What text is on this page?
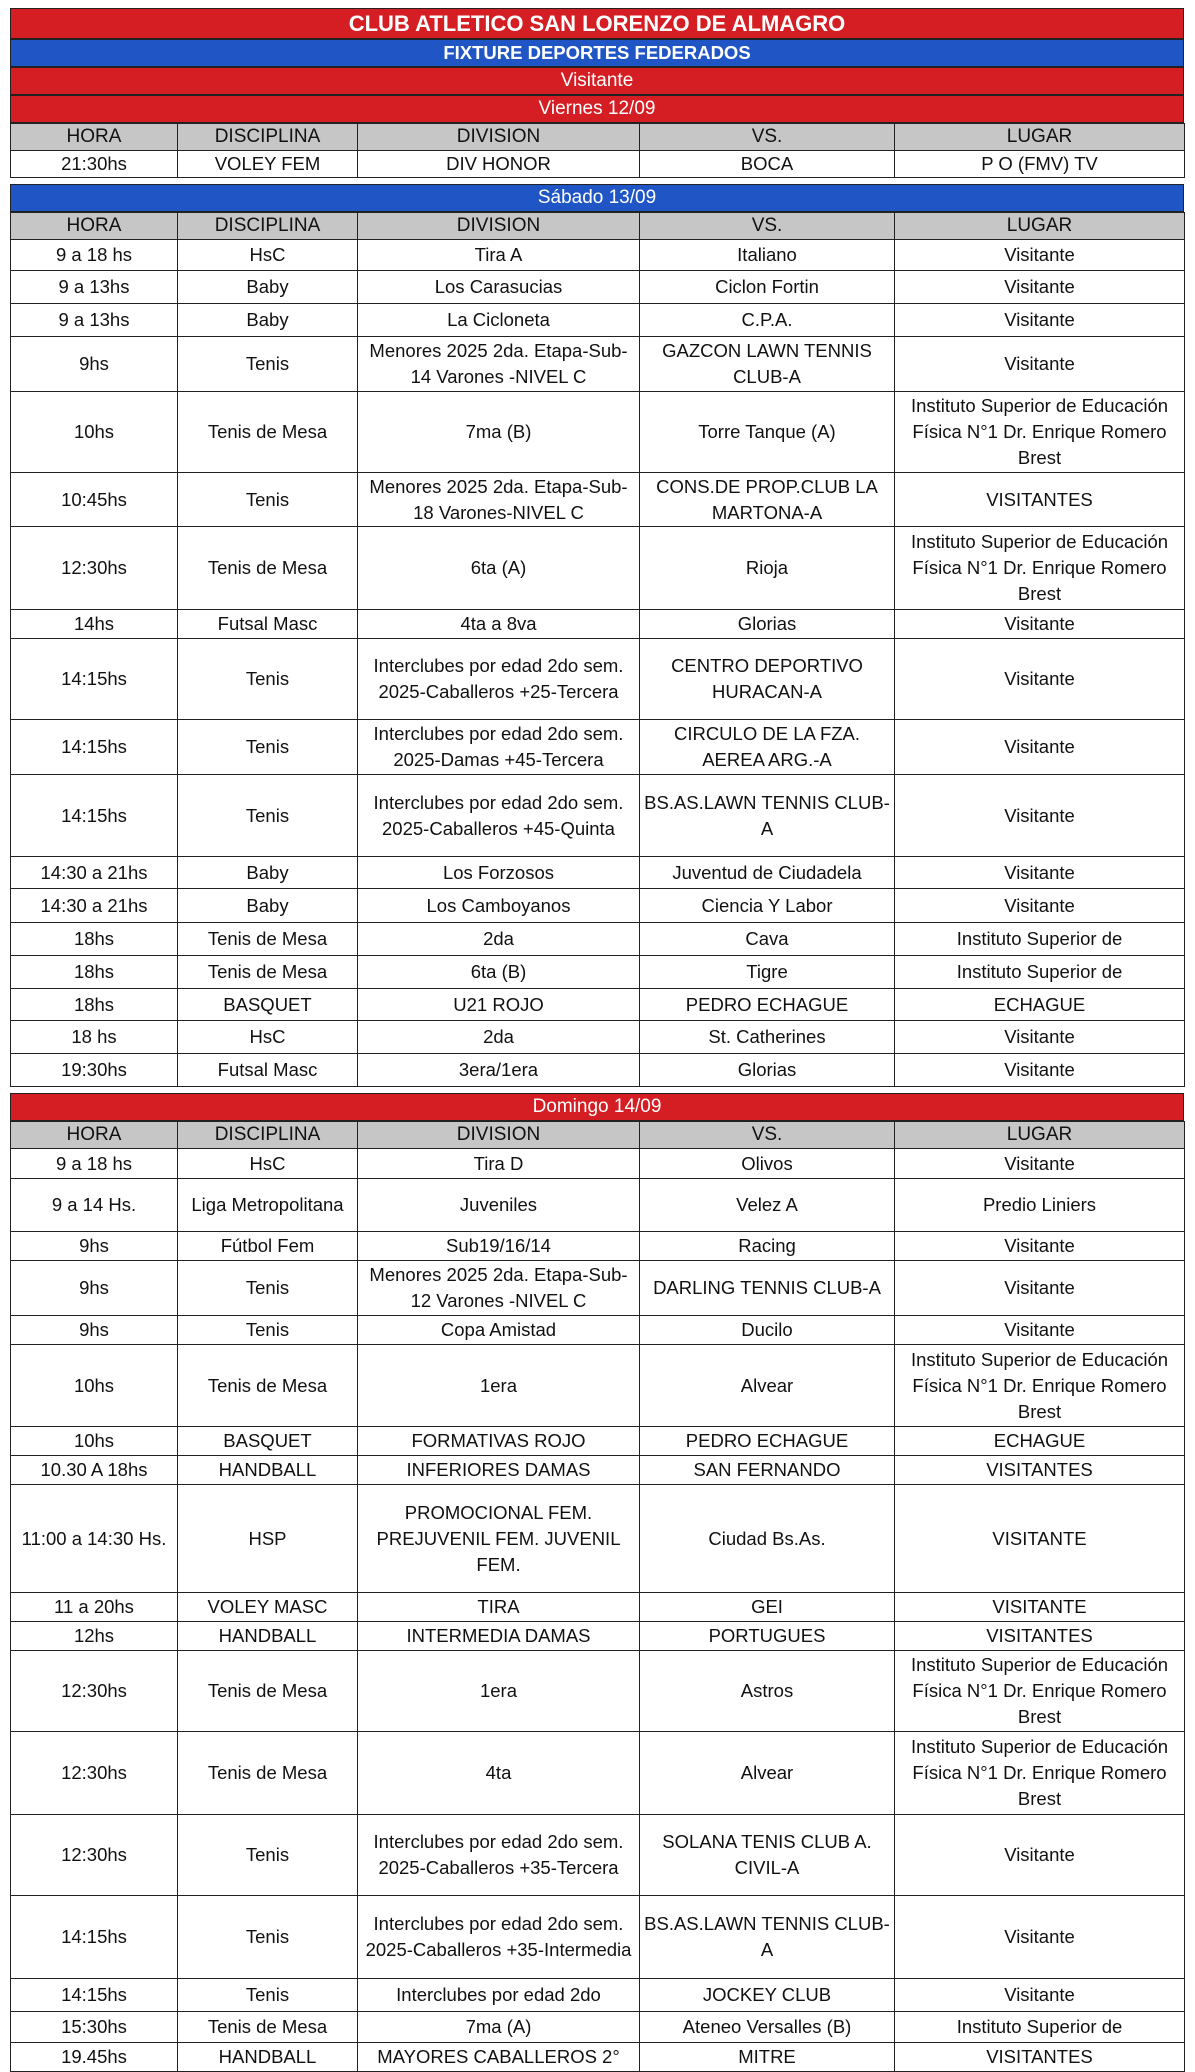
CLUB ATLETICO SAN LORENZO DE ALMAGRO
FIXTURE DEPORTES FEDERADOS
Visitante
Viernes 12/09
HORA	DISCIPLINA	DIVISION	VS.	LUGAR
21:30hs	VOLEY FEM	DIV HONOR	BOCA	P O (FMV) TV
Sábado 13/09
HORA	DISCIPLINA	DIVISION	VS.	LUGAR
9 a 18 hs	HsC	Tira A	Italiano	Visitante
9 a 13hs	Baby	Los Carasucias	Ciclon Fortin	Visitante
9 a 13hs	Baby	La Cicloneta	C.P.A.	Visitante
9hs	Tenis	Menores 2025 2da. Etapa-Sub-14 Varones -NIVEL C	GAZCON LAWN TENNIS CLUB-A	Visitante
10hs	Tenis de Mesa	7ma (B)	Torre Tanque (A)	Instituto Superior de Educación Física N°1 Dr. Enrique Romero Brest
10:45hs	Tenis	Menores 2025 2da. Etapa-Sub-18 Varones-NIVEL C	CONS.DE PROP.CLUB LA MARTONA-A	VISITANTES
12:30hs	Tenis de Mesa	6ta (A)	Rioja	Instituto Superior de Educación Física N°1 Dr. Enrique Romero Brest
14hs	Futsal Masc	4ta a 8va	Glorias	Visitante
14:15hs	Tenis	Interclubes por edad 2do sem. 2025-Caballeros +25-Tercera	CENTRO DEPORTIVO HURACAN-A	Visitante
14:15hs	Tenis	Interclubes por edad 2do sem. 2025-Damas +45-Tercera	CIRCULO DE LA FZA. AEREA ARG.-A	Visitante
14:15hs	Tenis	Interclubes por edad 2do sem. 2025-Caballeros +45-Quinta	BS.AS.LAWN TENNIS CLUB-A	Visitante
14:30 a 21hs	Baby	Los Forzosos	Juventud de Ciudadela	Visitante
14:30 a 21hs	Baby	Los Camboyanos	Ciencia Y Labor	Visitante
18hs	Tenis de Mesa	2da	Cava	Instituto Superior de
18hs	Tenis de Mesa	6ta (B)	Tigre	Instituto Superior de
18hs	BASQUET	U21 ROJO	PEDRO ECHAGUE	ECHAGUE
18 hs	HsC	2da	St. Catherines	Visitante
19:30hs	Futsal Masc	3era/1era	Glorias	Visitante
Domingo 14/09
HORA	DISCIPLINA	DIVISION	VS.	LUGAR
9 a 18 hs	HsC	Tira D	Olivos	Visitante
9 a 14 Hs.	Liga Metropolitana	Juveniles	Velez A	Predio Liniers
9hs	Fútbol Fem	Sub19/16/14	Racing	Visitante
9hs	Tenis	Menores 2025 2da. Etapa-Sub-12 Varones -NIVEL C	DARLING TENNIS CLUB-A	Visitante
9hs	Tenis	Copa Amistad	Ducilo	Visitante
10hs	Tenis de Mesa	1era	Alvear	Instituto Superior de Educación Física N°1 Dr. Enrique Romero Brest
10hs	BASQUET	FORMATIVAS ROJO	PEDRO ECHAGUE	ECHAGUE
10.30 A 18hs	HANDBALL	INFERIORES DAMAS	SAN FERNANDO	VISITANTES
11:00 a 14:30 Hs.	HSP	PROMOCIONAL FEM. PREJUVENIL FEM. JUVENIL FEM.	Ciudad Bs.As.	VISITANTE
11 a 20hs	VOLEY MASC	TIRA	GEI	VISITANTE
12hs	HANDBALL	INTERMEDIA DAMAS	PORTUGUES	VISITANTES
12:30hs	Tenis de Mesa	1era	Astros	Instituto Superior de Educación Física N°1 Dr. Enrique Romero Brest
12:30hs	Tenis de Mesa	4ta	Alvear	Instituto Superior de Educación Física N°1 Dr. Enrique Romero Brest
12:30hs	Tenis	Interclubes por edad 2do sem. 2025-Caballeros +35-Tercera	SOLANA TENIS CLUB A. CIVIL-A	Visitante
14:15hs	Tenis	Interclubes por edad 2do sem. 2025-Caballeros +35-Intermedia	BS.AS.LAWN TENNIS CLUB-A	Visitante
14:15hs	Tenis	Interclubes por edad 2do	JOCKEY CLUB	Visitante
15:30hs	Tenis de Mesa	7ma (A)	Ateneo Versalles (B)	Instituto Superior de
19.45hs	HANDBALL	MAYORES CABALLEROS 2°	MITRE	VISITANTES
